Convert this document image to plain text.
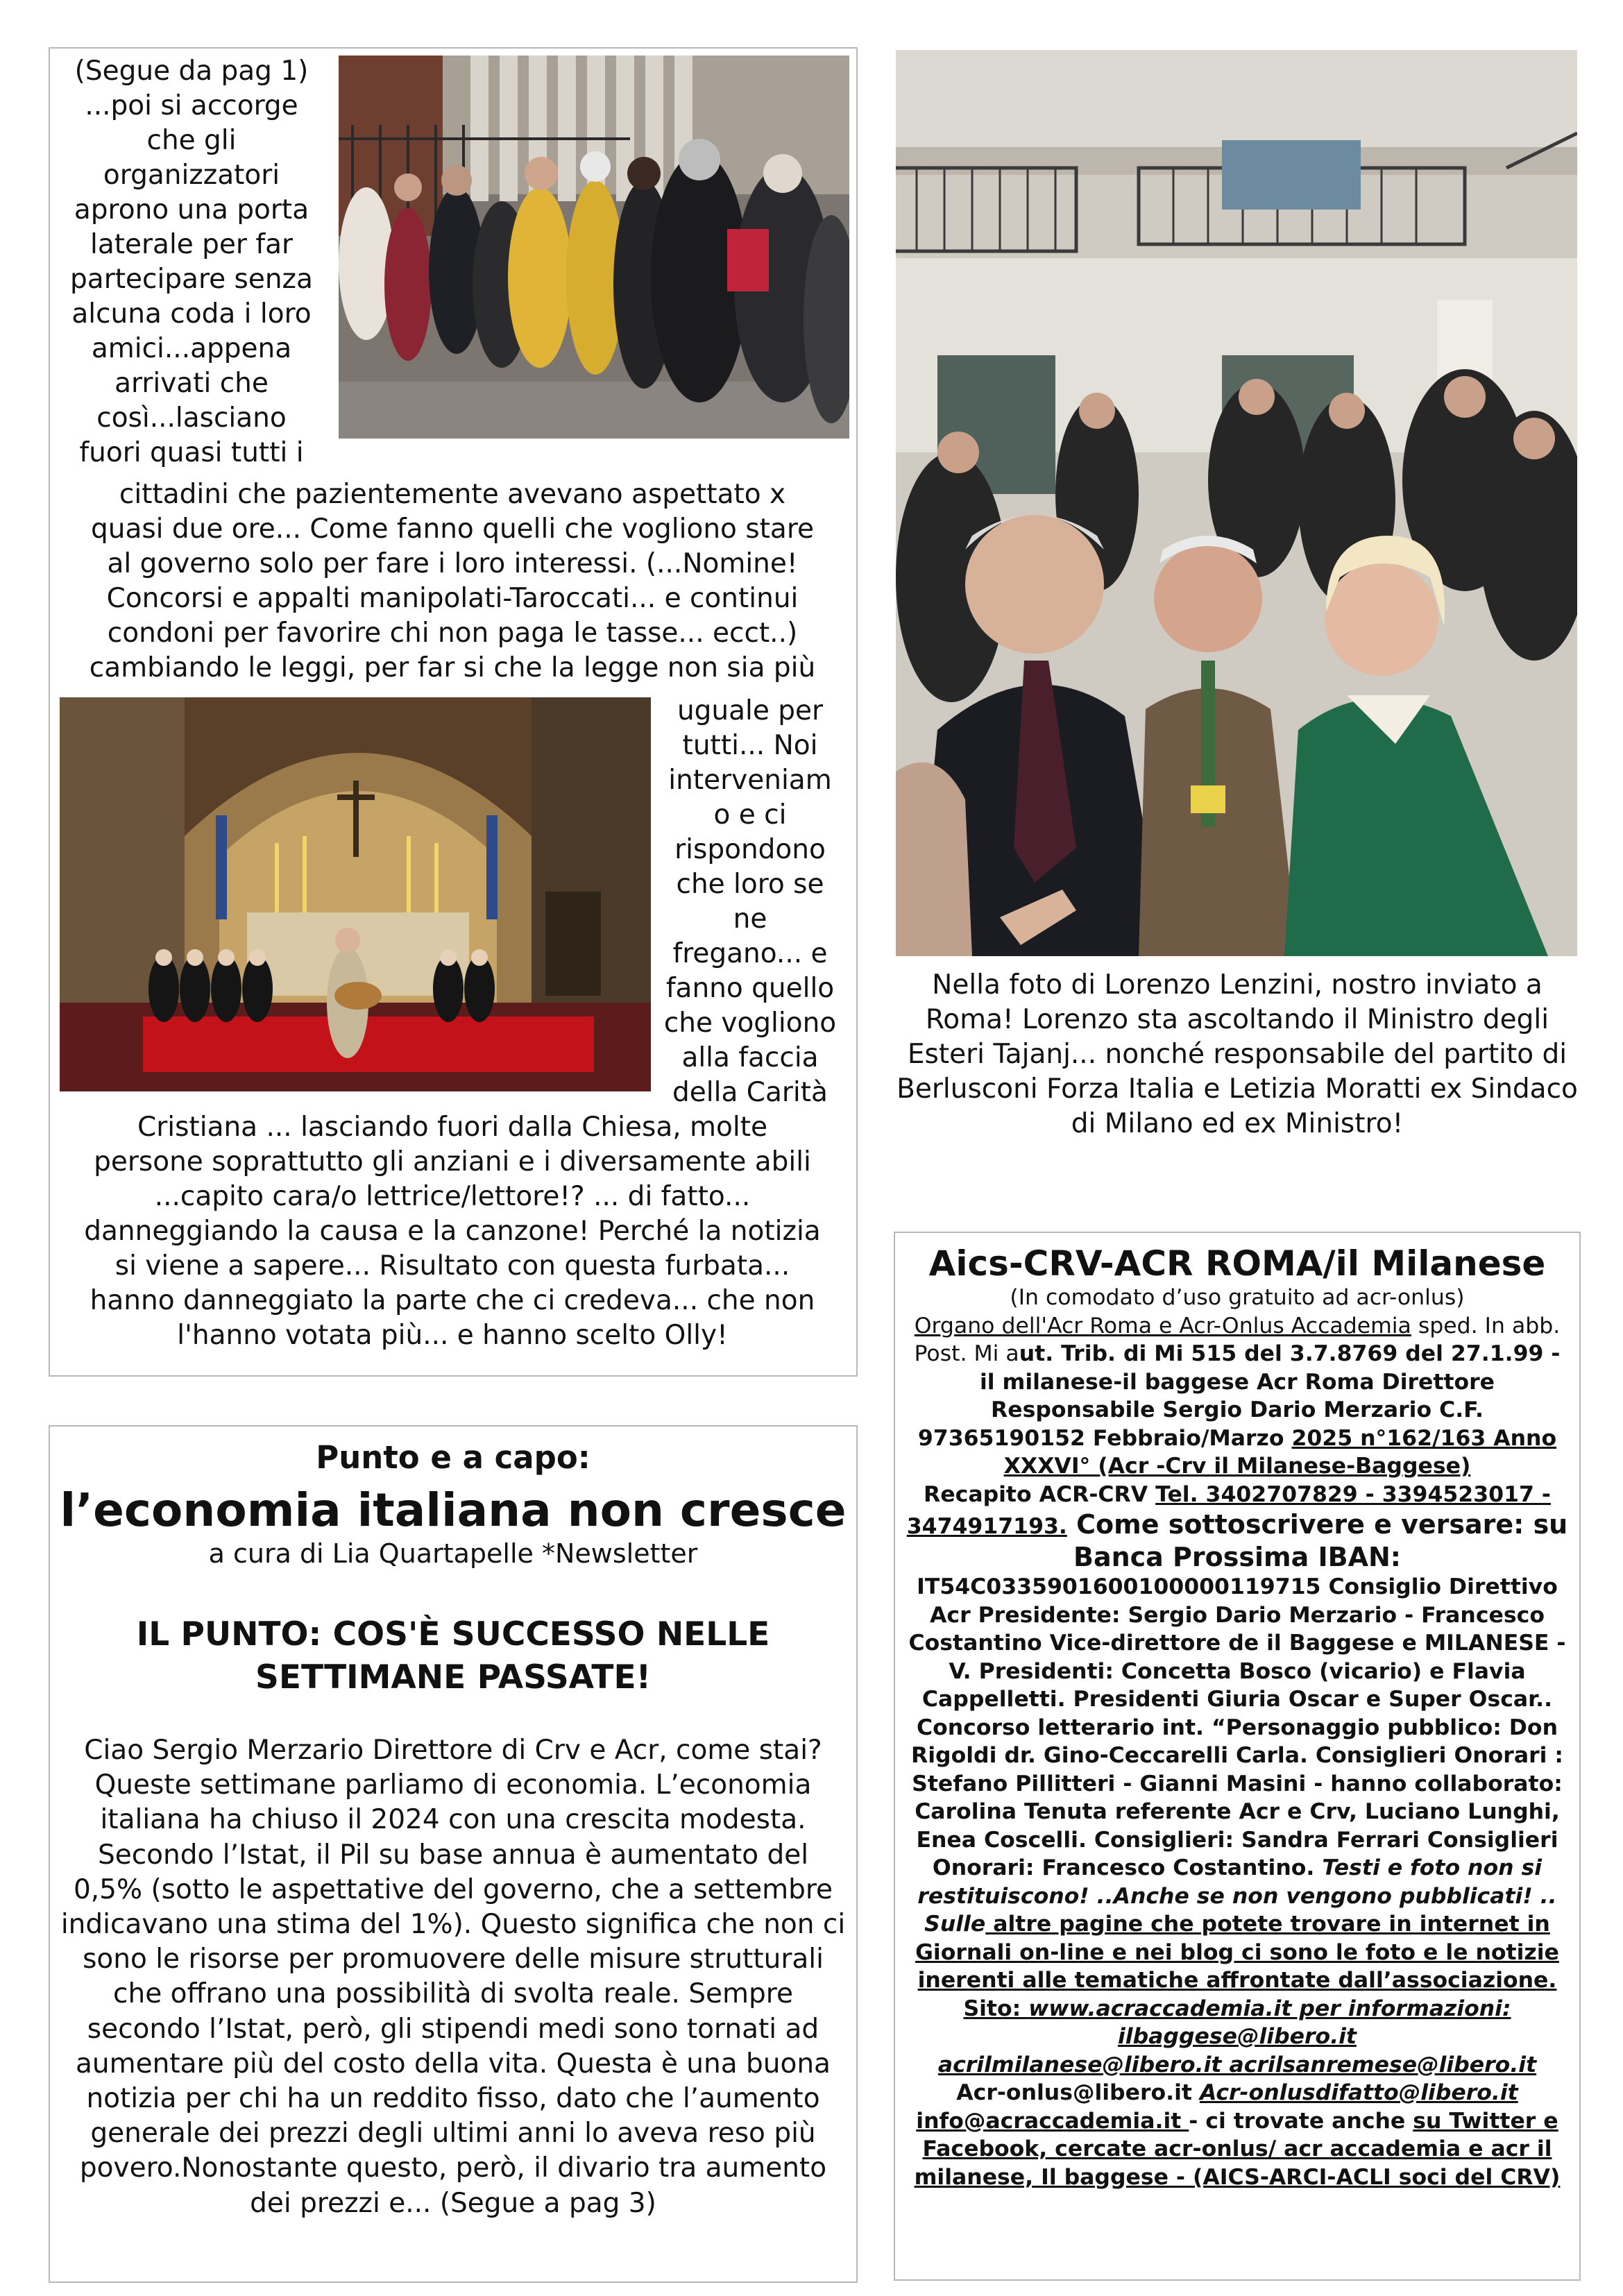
(Segue da pag 1)
...poi si accorge
che gli
organizzatori
aprono una porta
laterale per far
partecipare senza
alcuna coda i loro
amici...appena
arrivati che
così...lasciano
fuori quasi tutti i

cittadini che pazientemente avevano aspettato x
quasi due ore... Come fanno quelli che vogliono stare
al governo solo per fare i loro interessi. (...Nomine!
Concorsi e appalti manipolati-Taroccati... e continui
condoni per favorire chi non paga le tasse... ecct..)
cambiando le leggi, per far si che la legge non sia più

uguale per
tutti... Noi
interveniam
o e ci
rispondono
che loro se
ne
fregano... e
fanno quello
che vogliono
alla faccia
della Carità

Cristiana ... lasciando fuori dalla Chiesa, molte
persone soprattutto gli anziani e i diversamente abili
...capito cara/o lettrice/lettore!? ... di fatto...
danneggiando la causa e la canzone! Perché la notizia
si viene a sapere... Risultato con questa furbata...
hanno danneggiato la parte che ci credeva... che non
l'hanno votata più... e hanno scelto Olly!

Punto e a capo:

l’economia italiana non cresce

a cura di Lia Quartapelle *Newsletter

IL PUNTO: COS'È SUCCESSO NELLE
SETTIMANE PASSATE!

Ciao Sergio Merzario Direttore di Crv e Acr, come stai? Queste settimane parliamo di economia. L’economia italiana ha chiuso il 2024 con una crescita modesta. Secondo l’Istat, il Pil su base annua è aumentato del 0,5% (sotto le aspettative del governo, che a settembre indicavano una stima del 1%). Questo significa che non ci sono le risorse per promuovere delle misure strutturali che offrano una possibilità di svolta reale. Sempre secondo l’Istat, però, gli stipendi medi sono tornati ad aumentare più del costo della vita. Questa è una buona notizia per chi ha un reddito fisso, dato che l’aumento generale dei prezzi degli ultimi anni lo aveva reso più povero.Nonostante questo, però, il divario tra aumento dei prezzi e... (Segue a pag 3)

Nella foto di Lorenzo Lenzini, nostro inviato a Roma! Lorenzo sta ascoltando il Ministro degli Esteri Tajanj... nonché responsabile del partito di Berlusconi Forza Italia e Letizia Moratti ex Sindaco di Milano ed ex Ministro!

Aics-CRV-ACR ROMA/il Milanese

(In comodato d’uso gratuito ad acr-onlus)
Organo dell'Acr Roma e Acr-Onlus Accademia sped. In abb. Post. Mi aut. Trib. di Mi 515 del 3.7.8769 del 27.1.99 - il milanese-il baggese Acr Roma Direttore Responsabile Sergio Dario Merzario C.F. 97365190152 Febbraio/Marzo 2025 n°162/163 Anno XXXVI° (Acr -Crv il Milanese-Baggese)
Recapito ACR-CRV Tel. 3402707829 - 3394523017 - 3474917193. Come sottoscrivere e versare: su Banca Prossima IBAN:
IT54C0335901600100000119715 Consiglio Direttivo Acr Presidente: Sergio Dario Merzario - Francesco Costantino Vice-direttore de il Baggese e MILANESE - V. Presidenti: Concetta Bosco (vicario) e Flavia Cappelletti. Presidenti Giuria Oscar e Super Oscar.. Concorso letterario int. “Personaggio pubblico: Don Rigoldi dr. Gino-Ceccarelli Carla. Consiglieri Onorari : Stefano Pillitteri - Gianni Masini - hanno collaborato: Carolina Tenuta referente Acr e Crv, Luciano Lunghi, Enea Coscelli. Consiglieri: Sandra Ferrari Consiglieri Onorari: Francesco Costantino. Testi e foto non si restituiscono! ..Anche se non vengono pubblicati! .. Sulle altre pagine che potete trovare in internet in Giornali on-line e nei blog ci sono le foto e le notizie inerenti alle tematiche affrontate dall’associazione. Sito: www.acraccademia.it per informazioni: ilbaggese@libero.it
acrilmilanese@libero.it acrilsanremese@libero.it
Acr-onlus@libero.it Acr-onlusdifatto@libero.it
info@acraccademia.it - ci trovate anche su Twitter e Facebook, cercate acr-onlus/ acr accademia e acr il milanese, Il baggese - (AICS-ARCI-ACLI soci del CRV)
